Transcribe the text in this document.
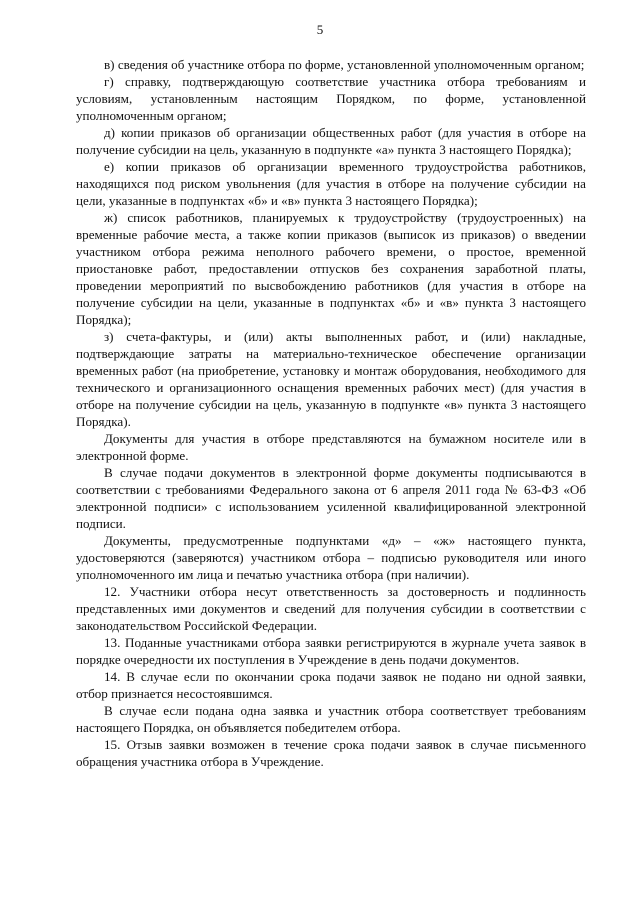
5

в) сведения об участнике отбора по форме, установленной уполномоченным органом;

г) справку, подтверждающую соответствие участника отбора требованиям и условиям, установленным настоящим Порядком, по форме, установленной уполномоченным органом;

д) копии приказов об организации общественных работ (для участия в отборе на получение субсидии на цель, указанную в подпункте «а» пункта 3 настоящего Порядка);

е) копии приказов об организации временного трудоустройства работников, находящихся под риском увольнения (для участия в отборе на получение субсидии на цели, указанные в подпунктах «б» и «в» пункта 3 настоящего Порядка);

ж) список работников, планируемых к трудоустройству (трудоустроенных) на временные рабочие места, а также копии приказов (выписок из приказов) о введении участником отбора режима неполного рабочего времени, о простое, временной приостановке работ, предоставлении отпусков без сохранения заработной платы, проведении мероприятий по высвобождению работников (для участия в отборе на получение субсидии на цели, указанные в подпунктах «б» и «в» пункта 3 настоящего Порядка);

з) счета-фактуры, и (или) акты выполненных работ, и (или) накладные, подтверждающие затраты на материально-техническое обеспечение организации временных работ (на приобретение, установку и монтаж оборудования, необходимого для технического и организационного оснащения временных рабочих мест) (для участия в отборе на получение субсидии на цель, указанную в подпункте «в» пункта 3 настоящего Порядка).

Документы для участия в отборе представляются на бумажном носителе или в электронной форме.

В случае подачи документов в электронной форме документы подписываются в соответствии с требованиями Федерального закона от 6 апреля 2011 года № 63-ФЗ «Об электронной подписи» с использованием усиленной квалифицированной электронной подписи.

Документы, предусмотренные подпунктами «д» – «ж» настоящего пункта, удостоверяются (заверяются) участником отбора – подписью руководителя или иного уполномоченного им лица и печатью участника отбора (при наличии).

12. Участники отбора несут ответственность за достоверность и подлинность представленных ими документов и сведений для получения субсидии в соответствии с законодательством Российской Федерации.

13. Поданные участниками отбора заявки регистрируются в журнале учета заявок в порядке очередности их поступления в Учреждение в день подачи документов.

14. В случае если по окончании срока подачи заявок не подано ни одной заявки, отбор признается несостоявшимся.

В случае если подана одна заявка и участник отбора соответствует требованиям настоящего Порядка, он объявляется победителем отбора.

15. Отзыв заявки возможен в течение срока подачи заявок в случае письменного обращения участника отбора в Учреждение.
